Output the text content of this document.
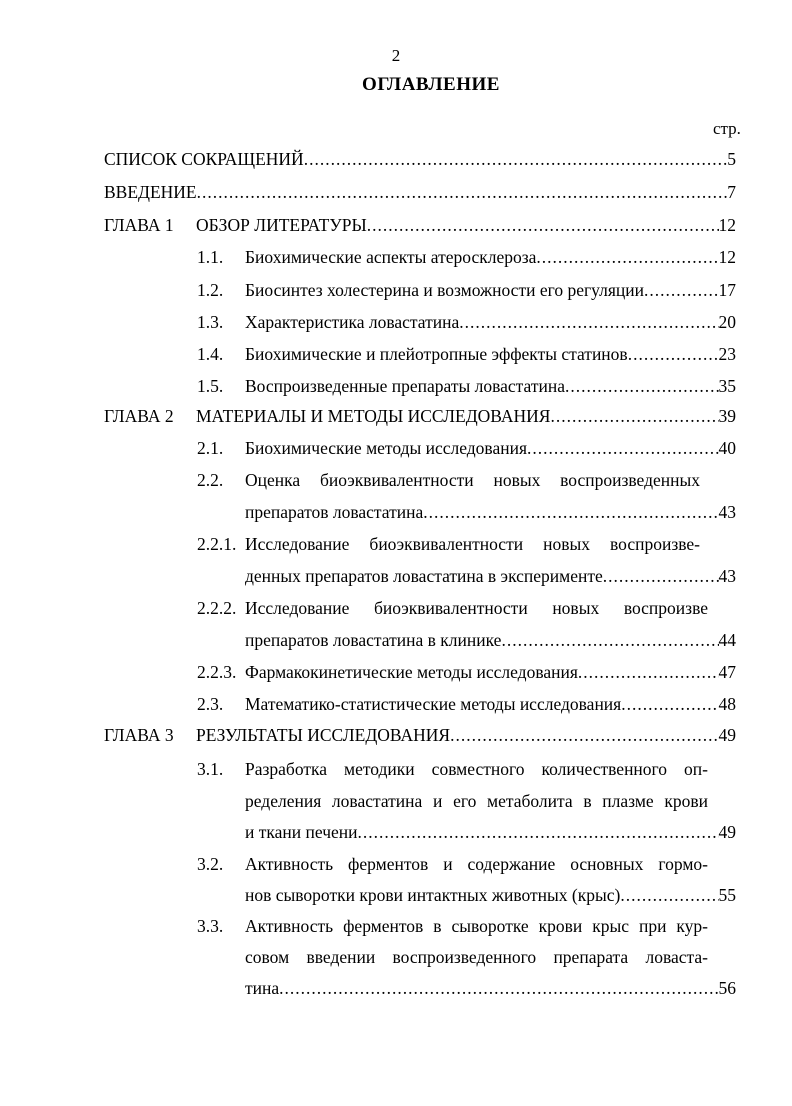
2
ОГЛАВЛЕНИЕ
стр.
СПИСОК СОКРАЩЕНИЙ .....	5
ВВЕДЕНИЕ .....	7
ГЛАВА 1 ОБЗОР ЛИТЕРАТУРЫ .....	12
1.1. Биохимические аспекты атеросклероза .....	12
1.2. Биосинтез холестерина и возможности его регуляции .....	17
1.3. Характеристика ловастатина .....	20
1.4. Биохимические и плейотропные эффекты статинов .....	23
1.5. Воспроизведенные препараты ловастатина .....	35
ГЛАВА 2 МАТЕРИАЛЫ И МЕТОДЫ ИССЛЕДОВАНИЯ .....	39
2.1. Биохимические методы исследования .....	40
2.2. Оценка биоэквивалентности новых воспроизведенных
препаратов ловастатина .....	43
2.2.1. Исследование биоэквивалентности новых воспроизве-
денных препаратов ловастатина в эксперименте .....	43
2.2.2. Исследование биоэквивалентности новых воспроизве
препаратов ловастатина в клинике .....	44
2.2.3. Фармакокинетические методы исследования .....	47
2.3. Математико-статистические методы исследования .....	48
ГЛАВА 3 РЕЗУЛЬТАТЫ ИССЛЕДОВАНИЯ .....	49
3.1. Разработка методики совместного количественного оп-
ределения ловастатина и его метаболита в плазме крови
и ткани печени .....	49
3.2. Активность ферментов и содержание основных гормо-
нов сыворотки крови интактных животных (крыс) .....	55
3.3. Активность ферментов в сыворотке крови крыс при кур-
совом введении воспроизведенного препарата ловаста-
тина .....	56
